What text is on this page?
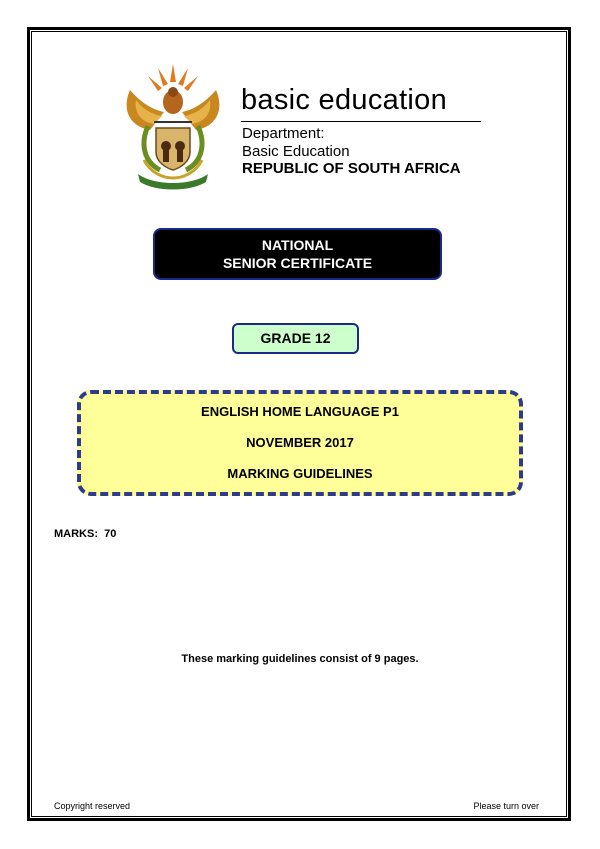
basic education
Department:
Basic Education
REPUBLIC OF SOUTH AFRICA
NATIONAL
SENIOR CERTIFICATE
GRADE 12
ENGLISH HOME LANGUAGE P1
NOVEMBER 2017
MARKING GUIDELINES
MARKS:  70
These marking guidelines consist of 9 pages.
Copyright reserved	Please turn over
